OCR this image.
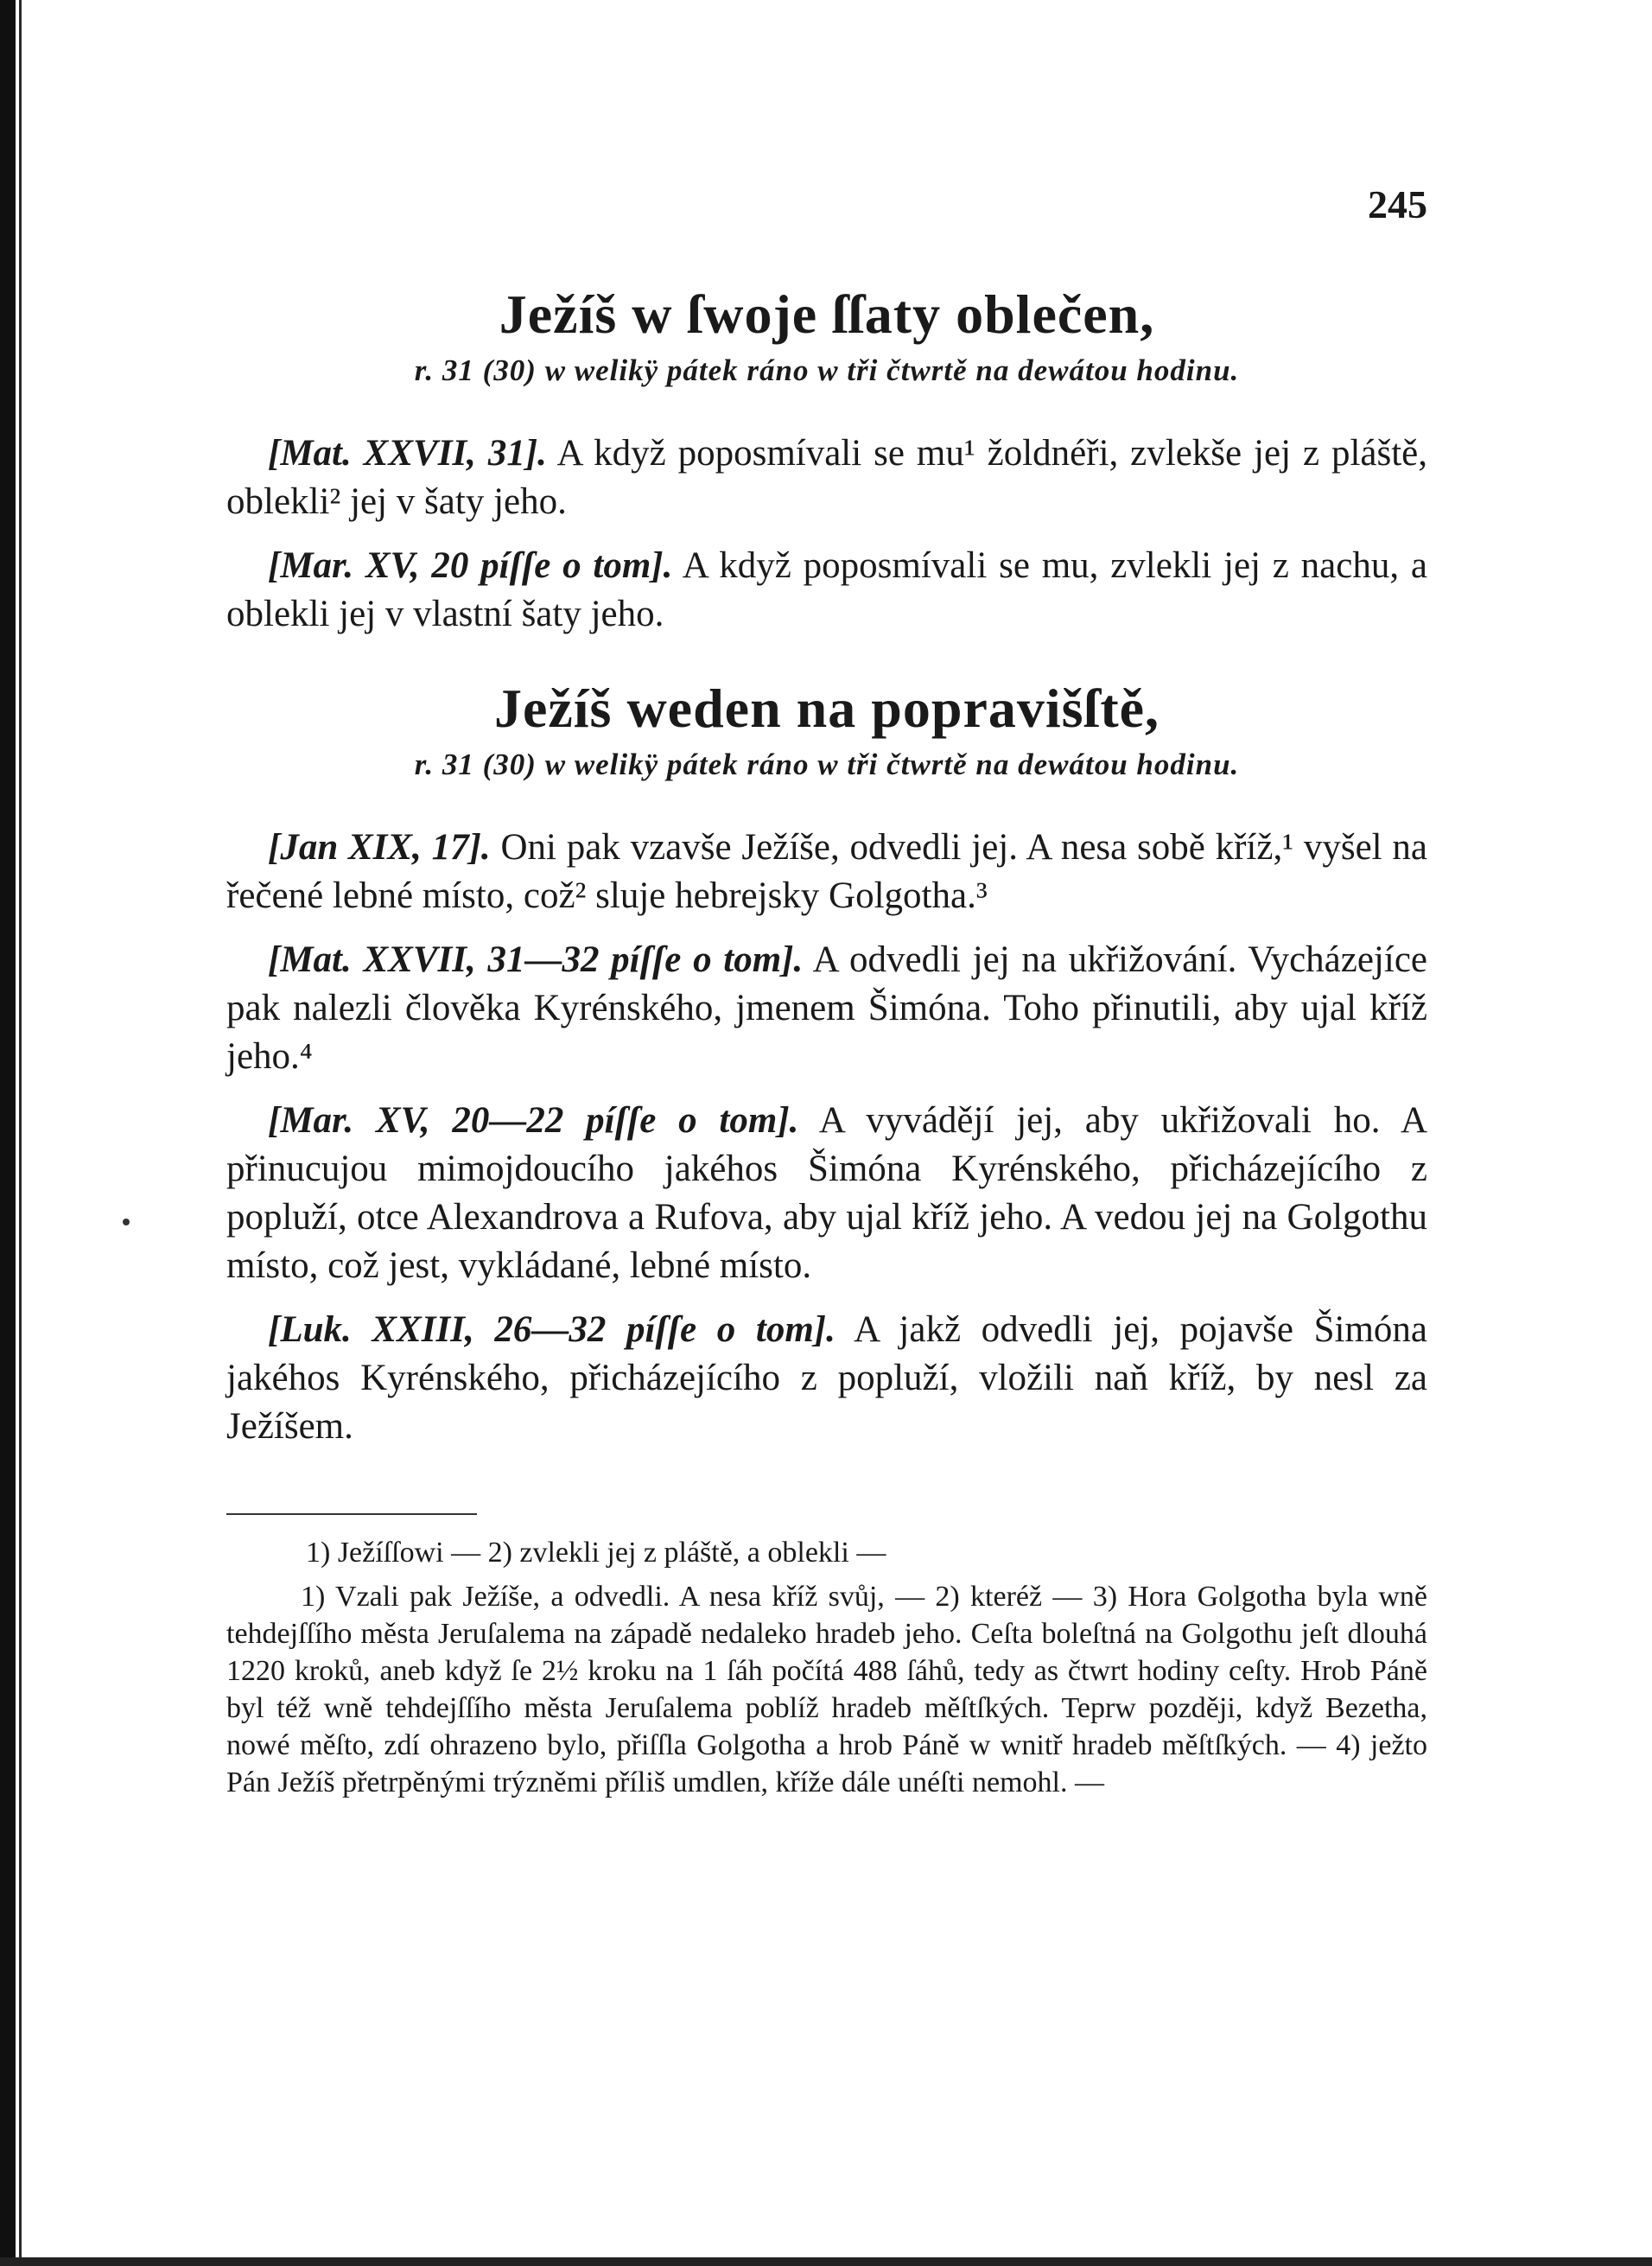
245
Ježíš w ſwoje ſſaty oblečen,
r. 31 (30) w welikÿ pátek ráno w tři čtwrtě na dewátou hodinu.

[Mat. XXVII, 31]. A když poposmívali se mu¹ žoldnéři, zvlekše jej z pláště, oblekli² jej v šaty jeho.

[Mar. XV, 20 píſſe o tom]. A když poposmívali se mu, zvlekli jej z nachu, a oblekli jej v vlastní šaty jeho.

Ježíš weden na popravišſtě,
r. 31 (30) w welikÿ pátek ráno w tři čtwrtě na dewátou hodinu.

[Jan XIX, 17]. Oni pak vzavše Ježíše, odvedli jej. A nesa sobě kříž,¹ vyšel na řečené lebné místo, což² sluje hebrejsky Golgotha.³

[Mat. XXVII, 31—32 píſſe o tom]. A odvedli jej na ukřižování. Vycházejíce pak nalezli člověka Kyrénského, jmenem Šimóna. Toho přinutili, aby ujal kříž jeho.⁴

[Mar. XV, 20—22 píſſe o tom]. A vyvádějí jej, aby ukřižovali ho. A přinucujou mimojdoucího jakéhos Šimóna Kyrénského, přicházejícího z popluží, otce Alexandrova a Rufova, aby ujal kříž jeho. A vedou jej na Golgothu místo, což jest, vykládané, lebné místo.

[Luk. XXIII, 26—32 píſſe o tom]. A jakž odvedli jej, pojavše Šimóna jakéhos Kyrénského, přicházejícího z popluží, vložili naň kříž, by nesl za Ježíšem.

1) Ježíſſowi — 2) zvlekli jej z pláště, a oblekli —

1) Vzali pak Ježíše, a odvedli. A nesa kříž svůj, — 2) kteréž — 3) Hora Golgotha byla wně tehdejſſího města Jeruſalema na západě nedaleko hradeb jeho. Ceſta boleſtná na Golgothu jeſt dlouhá 1220 kroků, aneb když ſe 2½ kroku na 1 ſáh počítá 488 ſáhů, tedy as čtwrt hodiny ceſty. Hrob Páně byl též wně tehdejſſího města Jeruſalema poblíž hradeb měſtſkých. Teprw později, když Bezetha, nowé měſto, zdí ohrazeno bylo, přiſſla Golgotha a hrob Páně w wnitř hradeb měſtſkých. — 4) ježto Pán Ježíš přetrpěnými trýzněmi příliš umdlen, kříže dále unéſti nemohl. —
